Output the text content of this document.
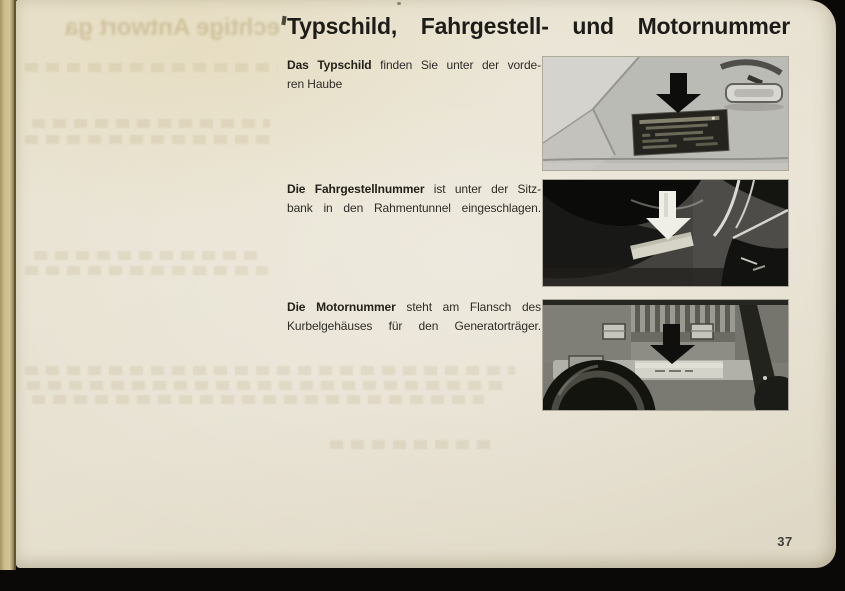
echtige Antwort ga Typschild, Fahrgestell- und Motornummer

Das Typschild finden Sie unter der vorde-

ren Haube

Die Fahrgestellnummer ist unter der Sitz-

bank in den Rahmentunnel eingeschlagen.

Die Motornummer steht am Flansch des

Kurbelgehäuses für den Generatorträger.

37
